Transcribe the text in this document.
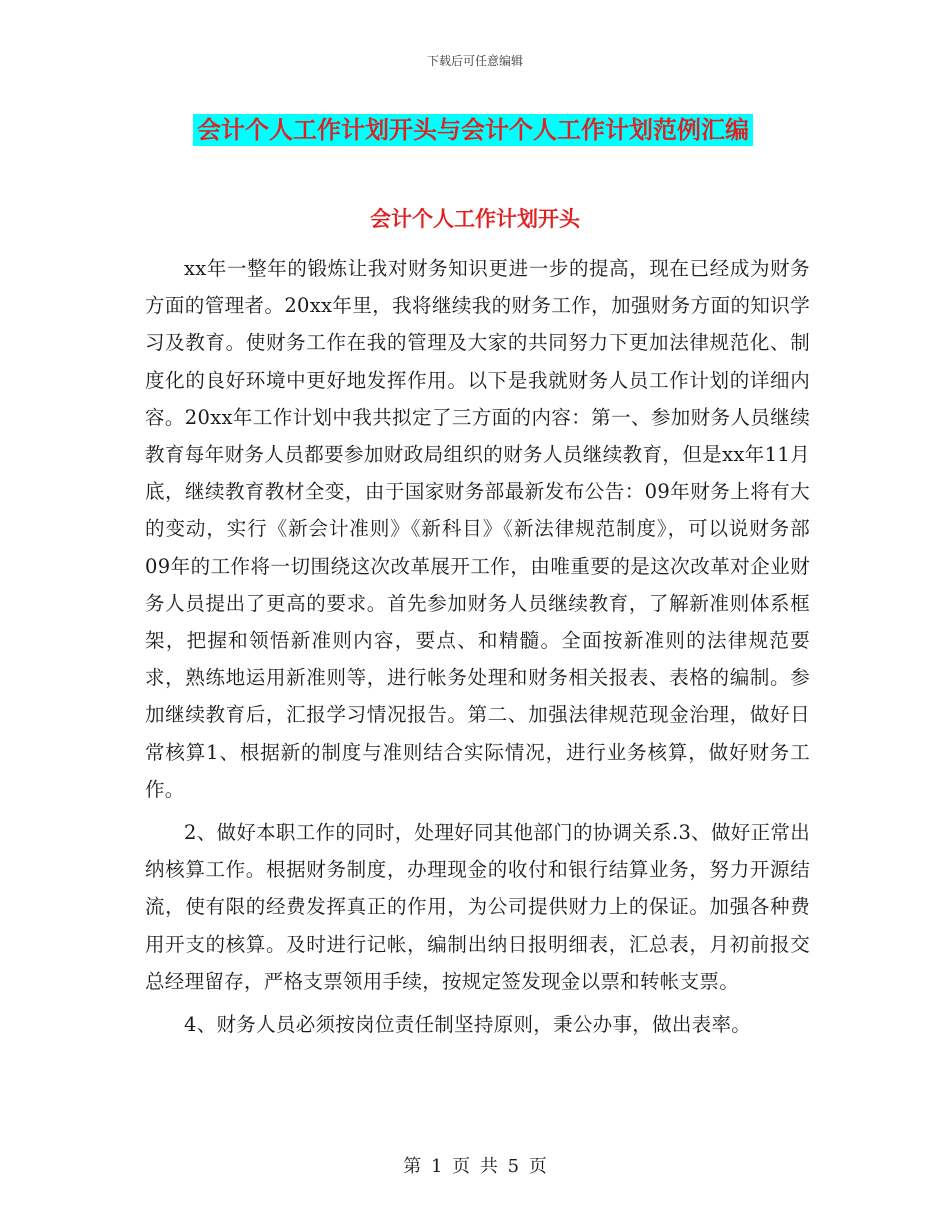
下载后可任意编辑
会计个人工作计划开头与会计个人工作计划范例汇编
会计个人工作计划开头

xx年一整年的锻炼让我对财务知识更进一步的提高，现在已经成为财务方面的管理者。20xx年里，我将继续我的财务工作，加强财务方面的知识学习及教育。使财务工作在我的管理及大家的共同努力下更加法律规范化、制度化的良好环境中更好地发挥作用。以下是我就财务人员工作计划的详细内容。20xx年工作计划中我共拟定了三方面的内容：第一、参加财务人员继续教育每年财务人员都要参加财政局组织的财务人员继续教育，但是xx年11月底，继续教育教材全变，由于国家财务部最新发布公告：09年财务上将有大的变动，实行《新会计准则》《新科目》《新法律规范制度》，可以说财务部09年的工作将一切围绕这次改革展开工作，由唯重要的是这次改革对企业财务人员提出了更高的要求。首先参加财务人员继续教育，了解新准则体系框架，把握和领悟新准则内容，要点、和精髓。全面按新准则的法律规范要求，熟练地运用新准则等，进行帐务处理和财务相关报表、表格的编制。参加继续教育后，汇报学习情况报告。第二、加强法律规范现金治理，做好日常核算1、根据新的制度与准则结合实际情况，进行业务核算，做好财务工作。

2、做好本职工作的同时，处理好同其他部门的协调关系.3、做好正常出纳核算工作。根据财务制度，办理现金的收付和银行结算业务，努力开源结流，使有限的经费发挥真正的作用，为公司提供财力上的保证。加强各种费用开支的核算。及时进行记帐，编制出纳日报明细表，汇总表，月初前报交总经理留存，严格支票领用手续，按规定签发现金以票和转帐支票。

4、财务人员必须按岗位责任制坚持原则，秉公办事，做出表率。

第 1 页 共 5 页
